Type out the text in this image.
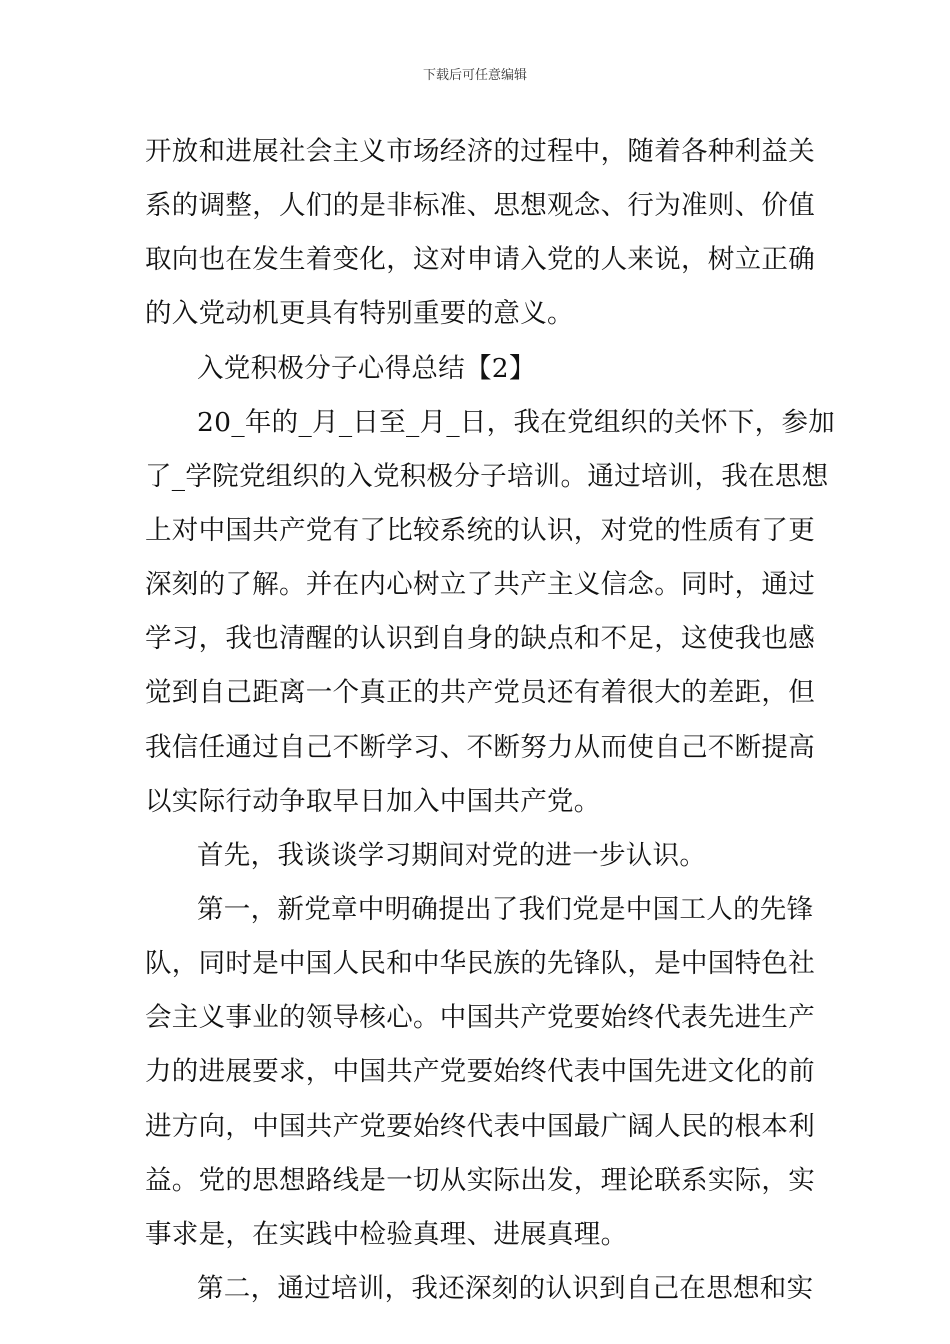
下载后可任意编辑
开放和进展社会主义市场经济的过程中，随着各种利益关
系的调整，人们的是非标准、思想观念、行为准则、价值
取向也在发生着变化，这对申请入党的人来说，树立正确
的入党动机更具有特别重要的意义。
入党积极分子心得总结【2】
20_年的_月_日至_月_日，我在党组织的关怀下，参加
了_学院党组织的入党积极分子培训。通过培训，我在思想
上对中国共产党有了比较系统的认识，对党的性质有了更
深刻的了解。并在内心树立了共产主义信念。同时，通过
学习，我也清醒的认识到自身的缺点和不足，这使我也感
觉到自己距离一个真正的共产党员还有着很大的差距，但
我信任通过自己不断学习、不断努力从而使自己不断提高
以实际行动争取早日加入中国共产党。
首先，我谈谈学习期间对党的进一步认识。
第一，新党章中明确提出了我们党是中国工人的先锋
队，同时是中国人民和中华民族的先锋队，是中国特色社
会主义事业的领导核心。中国共产党要始终代表先进生产
力的进展要求，中国共产党要始终代表中国先进文化的前
进方向，中国共产党要始终代表中国最广阔人民的根本利
益。党的思想路线是一切从实际出发，理论联系实际，实
事求是，在实践中检验真理、进展真理。
第二，通过培训，我还深刻的认识到自己在思想和实
